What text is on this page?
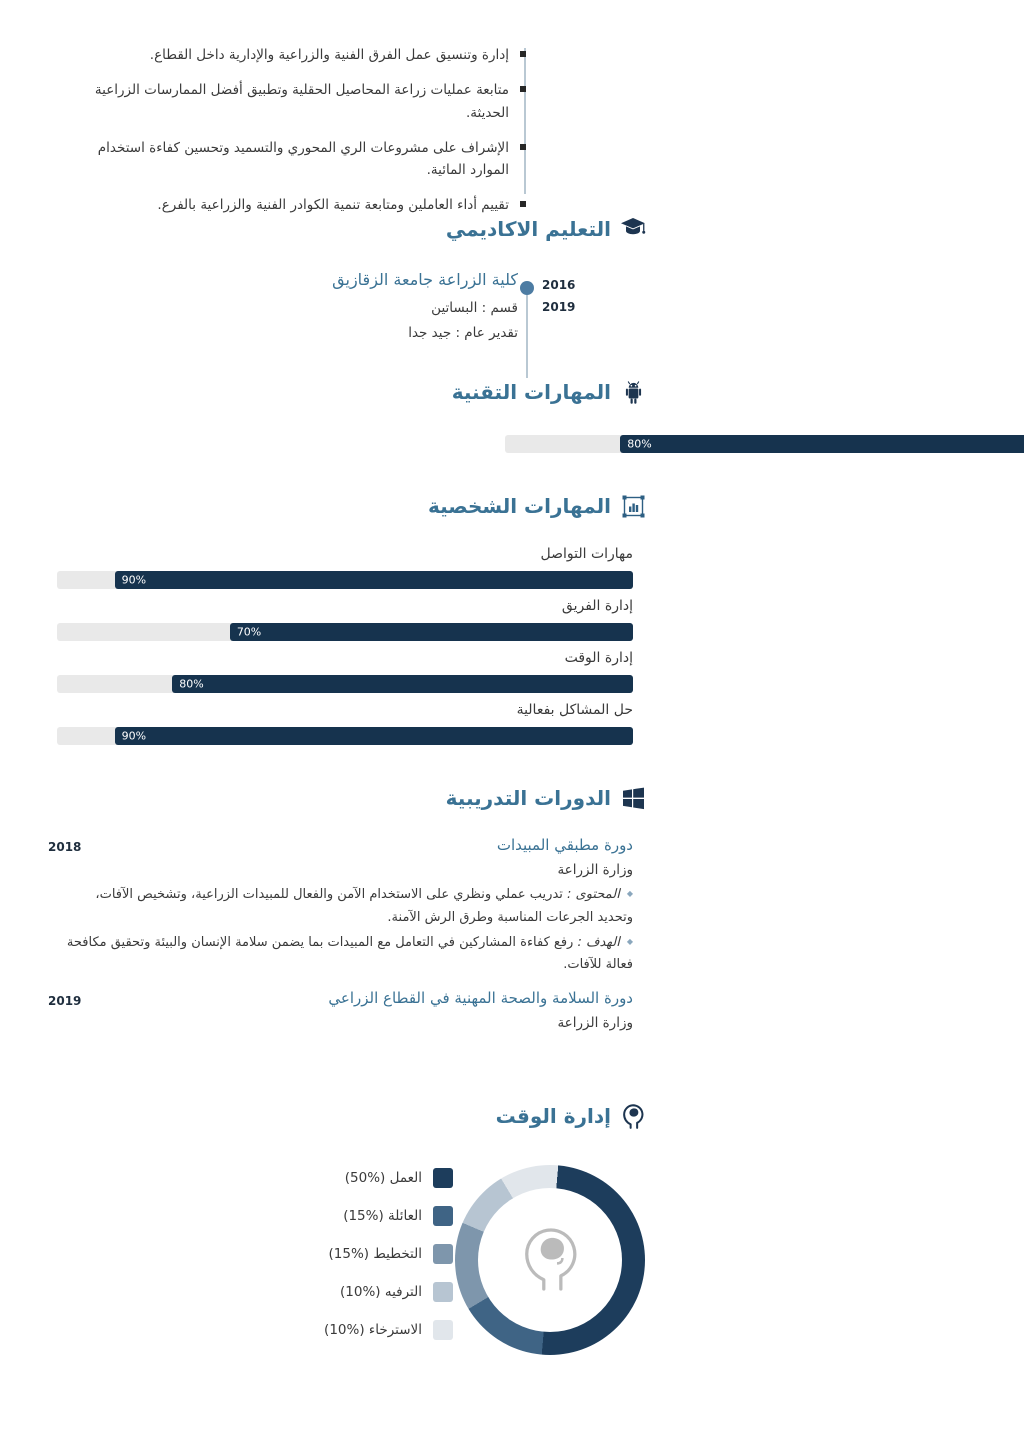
إدارة وتنسيق عمل الفرق الفنية والزراعية والإدارية داخل القطاع.
متابعة عمليات زراعة المحاصيل الحقلية وتطبيق أفضل الممارسات الزراعية الحديثة.
الإشراف على مشروعات الري المحوري والتسميد وتحسين كفاءة استخدام الموارد المائية.
تقييم أداء العاملين ومتابعة تنمية الكوادر الفنية والزراعية بالفرع.
التعليم الاكاديمي
2016
2019
كلية الزراعة جامعة الزقازيق
قسم : البساتين
تقدير عام : جيد جدا
المهارات التقنية
80%
المهارات الشخصية
مهارات التواصل
90%
إدارة الفريق
70%
إدارة الوقت
80%
حل المشاكل بفعالية
90%
الدورات التدريبية
2018	دورة مطبقي المبيدات
وزارة الزراعة
◆ المحتوى : تدريب عملي ونظري على الاستخدام الآمن والفعال للمبيدات الزراعية، وتشخيص الآفات، وتحديد الجرعات المناسبة وطرق الرش الآمنة.
◆ الهدف : رفع كفاءة المشاركين في التعامل مع المبيدات بما يضمن سلامة الإنسان والبيئة وتحقيق مكافحة فعالة للآفات.
2019	دورة السلامة والصحة المهنية في القطاع الزراعي
وزارة الزراعة
إدارة الوقت
العمل (%50)
العائلة (%15)
التخطيط (%15)
الترفيه (%10)
الاسترخاء (%10)
